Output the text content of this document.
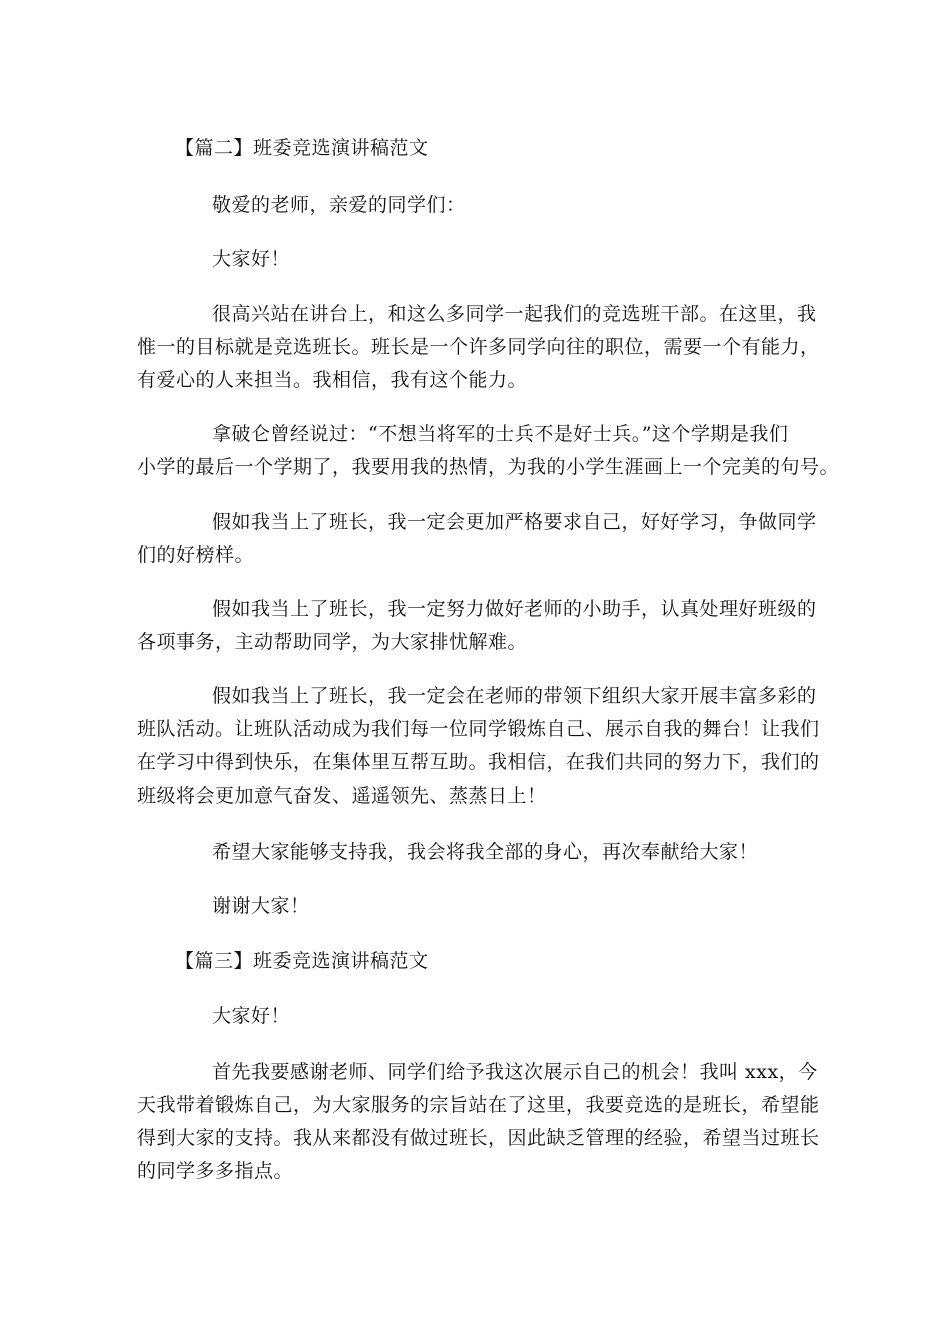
【篇二】班委竞选演讲稿范文
敬爱的老师，亲爱的同学们：
大家好！
很高兴站在讲台上，和这么多同学一起我们的竞选班干部。在这里，我
惟一的目标就是竞选班长。班长是一个许多同学向往的职位，需要一个有能力，
有爱心的人来担当。我相信，我有这个能力。
拿破仑曾经说过：“不想当将军的士兵不是好士兵。”这个学期是我们
小学的最后一个学期了，我要用我的热情，为我的小学生涯画上一个完美的句号。
假如我当上了班长，我一定会更加严格要求自己，好好学习，争做同学
们的好榜样。
假如我当上了班长，我一定努力做好老师的小助手，认真处理好班级的
各项事务，主动帮助同学，为大家排忧解难。
假如我当上了班长，我一定会在老师的带领下组织大家开展丰富多彩的
班队活动。让班队活动成为我们每一位同学锻炼自己、展示自我的舞台！让我们
在学习中得到快乐，在集体里互帮互助。我相信，在我们共同的努力下，我们的
班级将会更加意气奋发、遥遥领先、蒸蒸日上！
希望大家能够支持我，我会将我全部的身心，再次奉献给大家！
谢谢大家！
【篇三】班委竞选演讲稿范文
大家好！
首先我要感谢老师、同学们给予我这次展示自己的机会！我叫 xxx，今
天我带着锻炼自己，为大家服务的宗旨站在了这里，我要竞选的是班长，希望能
得到大家的支持。我从来都没有做过班长，因此缺乏管理的经验，希望当过班长
的同学多多指点。
